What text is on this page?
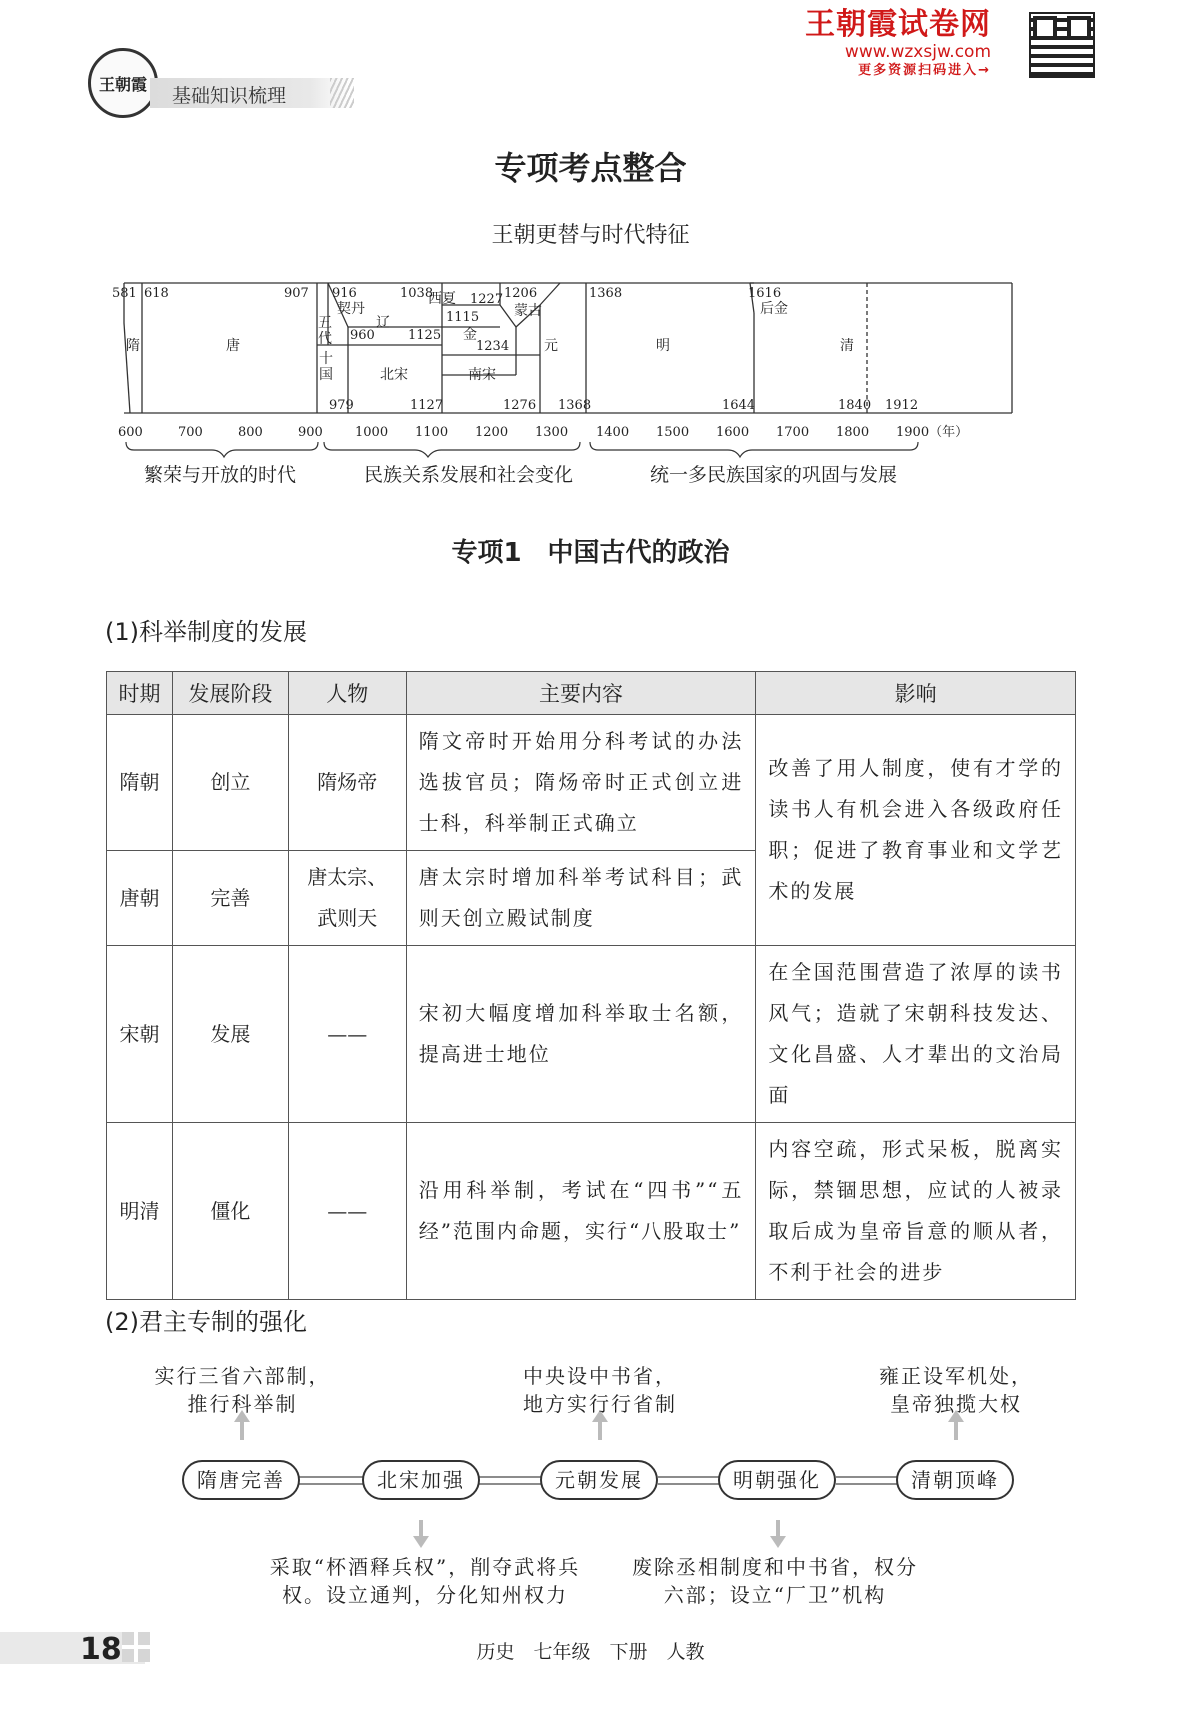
王朝霞
基础知识梳理
王朝霞试卷网
www.wzxsjw.com
更多资源扫码进入→
专项考点整合
王朝更替与时代特征
581 618	907 916
960
979
1038
1115
1125
1127
1206
1227
1234
1276 1368
1368	1616
1644	1840 1912
隋	唐
五
代
十
国
契丹
辽
西夏
金
北宋	南宋
蒙古
元	明
后金
清
600	700	800	900 1000 1100 1200 1300 1400 1500 1600 1700 1800 1900（年）
繁荣与开放的时代	民族关系发展和社会变化	统一多民族国家的巩固与发展
专项1　中国古代的政治
(1)科举制度的发展
时期	发展阶段	人物	主要内容	影响
隋朝	创立	隋炀帝	隋文帝时开始用分科考试的办法选拔官员；隋炀帝时正式创立进士科，科举制正式确立	改善了用人制度，使有才学的读书人有机会进入各级政府任职；促进了教育事业和文学艺术的发展
唐朝	完善	唐太宗、武则天	唐太宗时增加科举考试科目；武则天创立殿试制度	
宋朝	发展	——	宋初大幅度增加科举取士名额，提高进士地位	在全国范围营造了浓厚的读书风气；造就了宋朝科技发达、文化昌盛、人才辈出的文治局面
明清	僵化	——	沿用科举制，考试在“四书”“五经”范围内命题，实行“八股取士”	内容空疏，形式呆板，脱离实际，禁锢思想，应试的人被录取后成为皇帝旨意的顺从者，不利于社会的进步
(2)君主专制的强化
实行三省六部制，
推行科举制
中央设中书省，
地方实行行省制
雍正设军机处，
皇帝独揽大权
隋唐完善	北宋加强	元朝发展	明朝强化	清朝顶峰
采取“杯酒释兵权”，削夺武将兵
权。设立通判，分化知州权力
废除丞相制度和中书省，权分
六部；设立“厂卫”机构
18	历史　七年级　下册　人教
